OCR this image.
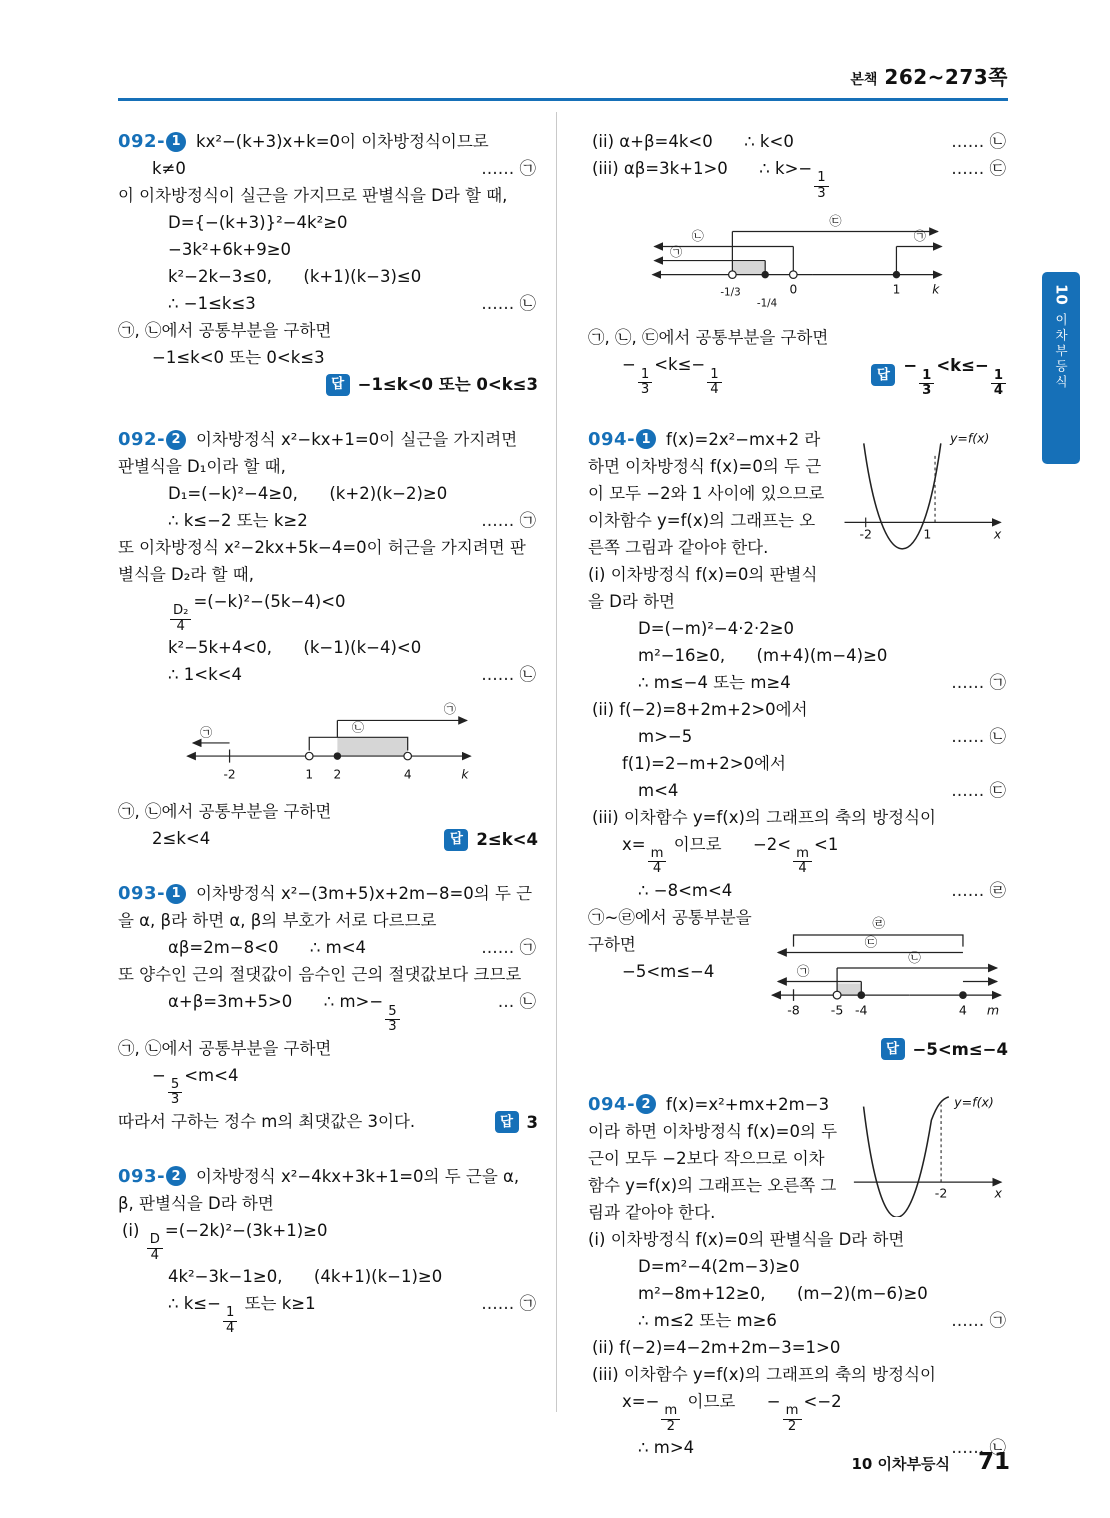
본책 262~273쪽
10
이차부등식
092- 1 kx²−(k+3)x+k=0이 이차방정식이므로
k≠0	…… ㉠
이 이차방정식이 실근을 가지므로 판별식을 D라 할 때,
D={−(k+3)}²−4k²≥0
−3k²+6k+9≥0
k²−2k−3≤0,      (k+1)(k−3)≤0
∴ −1≤k≤3	…… ㉡
㉠, ㉡에서 공통부분을 구하면
−1≤k<0 또는 0<k≤3
답 −1≤k<0 또는 0<k≤3
092- 2 이차방정식 x²−kx+1=0이 실근을 가지려면 판별식을 D₁이라 할 때,
D₁=(−k)²−4≥0,      (k+2)(k−2)≥0
∴ k≤−2 또는 k≥2	…… ㉠
또 이차방정식 x²−2kx+5k−4=0이 허근을 가지려면 판별식을 D₂라 할 때,
$\frac{\text{D₂}}{4}$
=(−k)²−(5k−4)<0
k²−5k+4<0,      (k−1)(k−4)<0
∴ 1<k<4	…… ㉡
㉠	㉡
㉠
-2	1 2	4	k
㉠, ㉡에서 공통부분을 구하면
2≤k<4	답 2≤k<4
093- 1 이차방정식 x²−(3m+5)x+2m−8=0의 두 근을 α, β라 하면 α, β의 부호가 서로 다르므로
αβ=2m−8<0      ∴ m<4	…… ㉠
또 양수인 근의 절댓값이 음수인 근의 절댓값보다 크므로
α+β=3m+5>0      ∴ m>−
$\frac{5}{3}$
… ㉡
㉠, ㉡에서 공통부분을 구하면
−
$\frac{5}{3}$
<m<4
따라서 구하는 정수 m의 최댓값은 3이다.	답 3
093- 2 이차방정식 x²−4kx+3k+1=0의 두 근을 α, β, 판별식을 D라 하면
(i)
$\frac{D}{4}$
=(−2k)²−(3k+1)≥0
4k²−3k−1≥0,      (4k+1)(k−1)≥0
∴ k≤−
$\frac{1}{4}$
또는 k≥1	…… ㉠
(ii) α+β=4k<0      ∴ k<0	…… ㉡
(iii) αβ=3k+1>0      ∴ k>−
$\frac{1}{3}$
…… ㉢
㉢
㉡
㉠
㉠
-1/3
-1/4
0	1 k
㉠, ㉡, ㉢에서 공통부분을 구하면
−
$\frac{1}{3}$
<k≤−
$\frac{1}{4}$	답 −
$\frac{1}{3}$
<k≤−
$\frac{1}{4}$
y=f(x)
-2	1	x
094- 1 f(x)=2x²−mx+2 라 하면 이차방정식 f(x)=0의 두 근이 모두 −2와 1 사이에 있으므로 이차함수 y=f(x)의 그래프는 오른쪽 그림과 같아야 한다.
(i) 이차방정식 f(x)=0의 판별식을 D라 하면
D=(−m)²−4·2·2≥0
m²−16≥0,      (m+4)(m−4)≥0
∴ m≤−4 또는 m≥4	…… ㉠
(ii) f(−2)=8+2m+2>0에서
m>−5	…… ㉡
f(1)=2−m+2>0에서
m<4	…… ㉢
(iii) 이차함수 y=f(x)의 그래프의 축의 방정식이
x=
$\frac{m}{4}$
이므로      −2<
$\frac{m}{4}$
<1
∴ −8<m<4	…… ㉣
㉣
㉢
㉡
㉠
-8 -5 -4	4 m
㉠~㉣에서 공통부분을 구하면
−5<m≤−4
답 −5<m≤−4
y=f(x)
-2	x
094- 2 f(x)=x²+mx+2m−3이라 하면 이차방정식 f(x)=0의 두 근이 모두 −2보다 작으므로 이차함수 y=f(x)의 그래프는 오른쪽 그림과 같아야 한다.
(i) 이차방정식 f(x)=0의 판별식을 D라 하면
D=m²−4(2m−3)≥0
m²−8m+12≥0,      (m−2)(m−6)≥0
∴ m≤2 또는 m≥6	…… ㉠
(ii) f(−2)=4−2m+2m−3=1>0
(iii) 이차함수 y=f(x)의 그래프의 축의 방정식이
x=−
$\frac{m}{2}$
이므로      −
$\frac{m}{2}$
<−2
∴ m>4	…… ㉡
10 이차부등식 71
